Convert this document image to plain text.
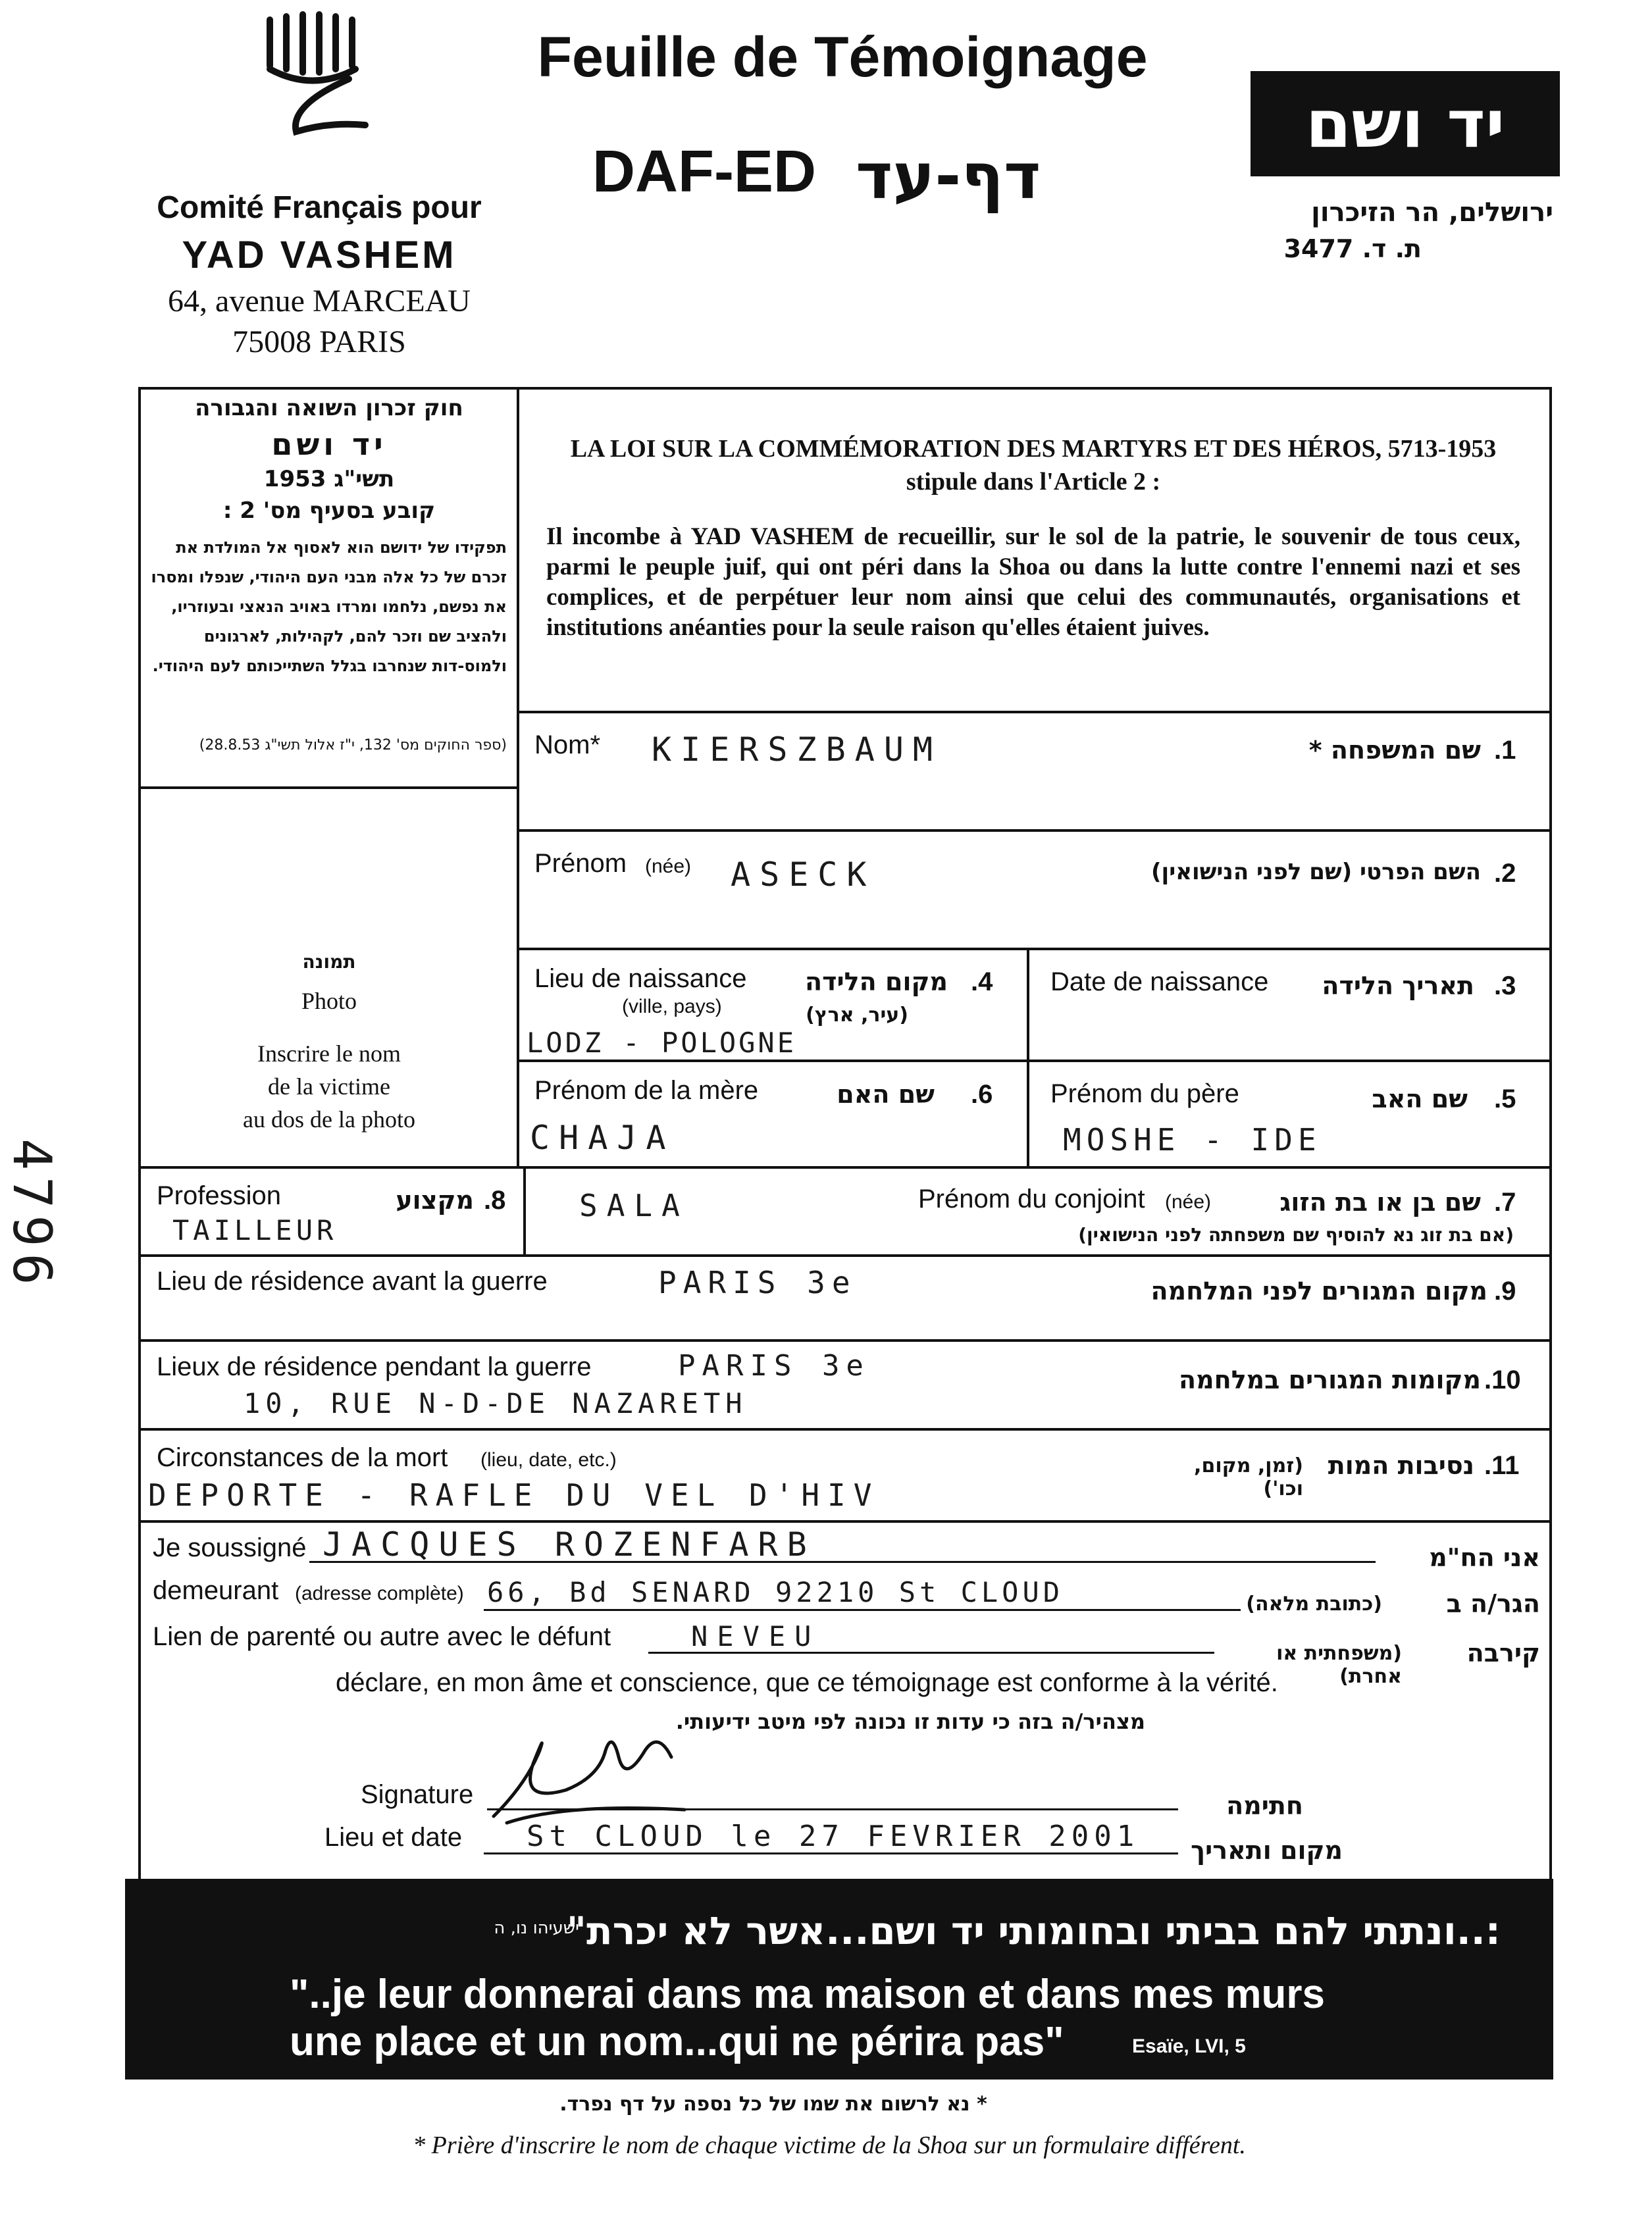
Comité Français pour
YAD VASHEM
64, avenue MARCEAU
75008 PARIS
Feuille de Témoignage
DAF-ED דף-עד
יד ושם
ירושלים, הר הזיכרון
ת. ד. 3477
חוק זכרון השואה והגבורה
יד ושם
תשי"ג 1953
קובע בסעיף מס' 2 :
תפקידו של ידושם הוא לאסוף אל המולדת את זכרם של כל אלה מבני העם היהודי, שנפלו ומסרו את נפשם, נלחמו ומרדו באויב הנאצי ובעוזריו, ולהציב שם וזכר להם, לקהילות, לארגונים ולמוס-דות שנחרבו בגלל השתייכותם לעם היהודי.
(ספר החוקים מס' 132, י"ז אלול תשי"ג 28.8.53)
LA LOI SUR LA COMMÉMORATION DES MARTYRS ET DES HÉROS, 5713-1953
stipule dans l'Article 2 :
Il incombe à YAD VASHEM de recueillir, sur le sol de la patrie, le souvenir de tous ceux, parmi le peuple juif, qui ont péri dans la Shoa ou dans la lutte contre l'ennemi nazi et ses complices, et de perpétuer leur nom ainsi que celui des communautés, organisations et institutions anéanties pour la seule raison qu'elles étaient juives.
תמונה
Photo
Inscrire le nom
de la victime
au dos de la photo
4796
Nom* KIERSZBAUM	שם המשפחה * .1
Prénom (née) ASECK	השם הפרטי (שם לפני הנישואין) .2
Lieu de naissance
(ville, pays)
מקום הלידה
(עיר, ארץ)
.4
LODZ - POLOGNE
Date de naissance	תאריך הלידה .3
Prénom de la mère	שם האם .6
CHAJA
Prénom du père	שם האב .5
MOSHE - IDE
Profession	מקצוע .8
TAILLEUR
SALA	Prénom du conjoint (née)	שם בן או בת הזוג .7
(אם בת זוג נא להוסיף שם משפחתה לפני הנישואין)
Lieu de résidence avant la guerre	PARIS 3e	מקום המגורים לפני המלחמה .9
Lieux de résidence pendant la guerre	PARIS 3e
10, RUE N-D-DE NAZARETH
מקומות המגורים במלחמה .10
Circonstances de la mort (lieu, date, etc.)
DEPORTE - RAFLE DU VEL D'HIV
(זמן, מקום, וכו')
נסיבות המות .11
Je soussigné JACQUES ROZENFARB	אני הח"מ
demeurant (adresse complète) 66, Bd SENARD 92210 St CLOUD	(כתובת מלאה)	הגר/ה ב
Lien de parenté ou autre avec le défunt	NEVEU
(משפחתית או אחרת)
קירבה
déclare, en mon âme et conscience, que ce témoignage est conforme à la vérité.
מצהיר/ה בזה כי עדות זו נכונה לפי מיטב ידיעותי.
Signature	חתימה
Lieu et date St CLOUD le 27 FEVRIER 2001	מקום ותאריך
:..ונתתי להם בביתי ובחומותי יד ושם...אשר לא יכרת"
ישעיהו נו, ה
"..je leur donnerai dans ma maison et dans mes murs
une place et un nom...qui ne périra pas"	Esaïe, LVI, 5
* נא לרשום את שמו של כל נספה על דף נפרד.
* Prière d'inscrire le nom de chaque victime de la Shoa sur un formulaire différent.
